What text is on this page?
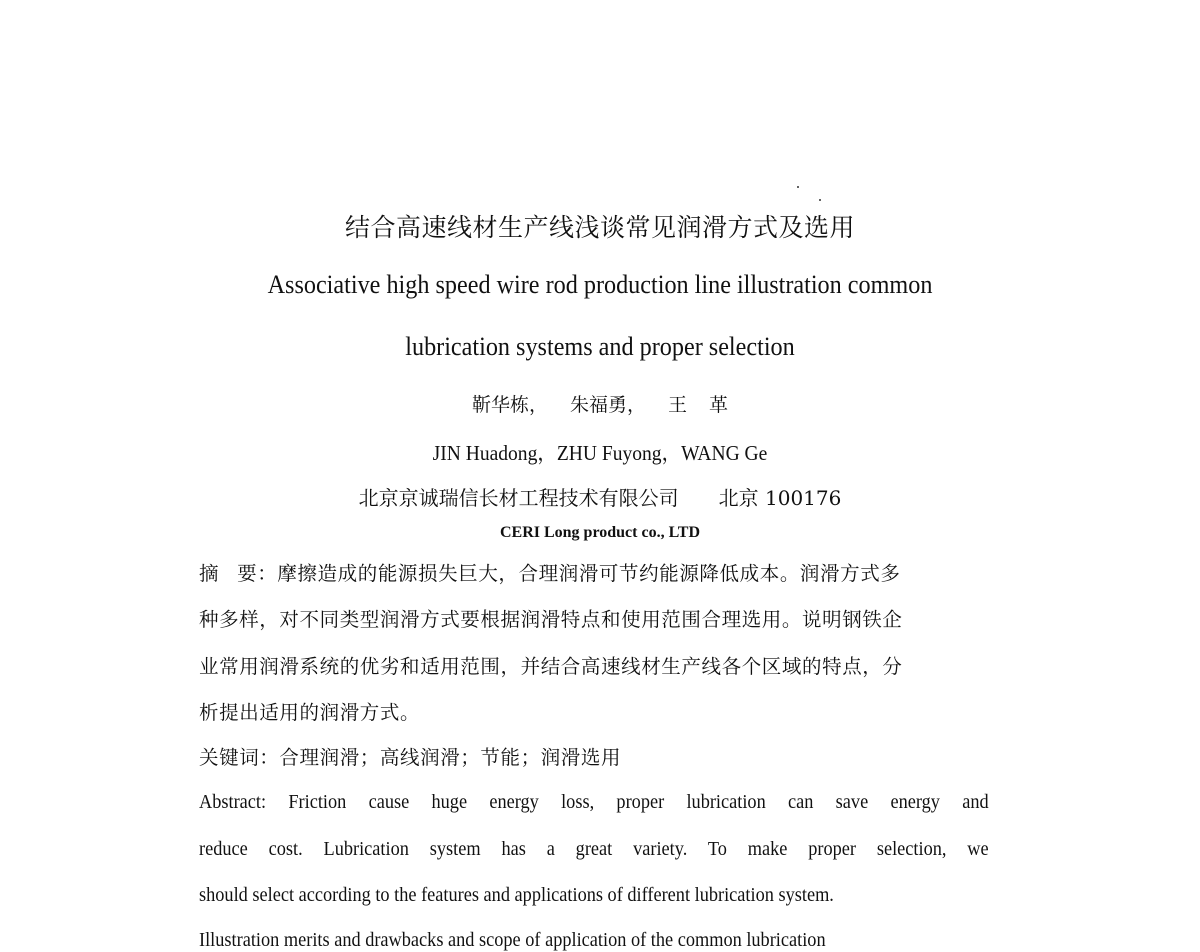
结合高速线材生产线浅谈常见润滑方式及选用
Associative high speed wire rod production line illustration common
lubrication systems and proper selection
靳华栋， 朱福勇， 王 革
JIN Huadong，ZHU Fuyong，WANG Ge
北京京诚瑞信长材工程技术有限公司 北京 100176
CERI Long product co., LTD
摘 要：摩擦造成的能源损失巨大，合理润滑可节约能源降低成本。润滑方式多
种多样，对不同类型润滑方式要根据润滑特点和使用范围合理选用。说明钢铁企
业常用润滑系统的优劣和适用范围，并结合高速线材生产线各个区域的特点，分
析提出适用的润滑方式。
关键词：合理润滑；高线润滑；节能；润滑选用
Abstract: Friction cause huge energy loss, proper lubrication can save energy and
reduce cost. Lubrication system has a great variety. To make proper selection, we
should select according to the features and applications of different lubrication system.
Illustration merits and drawbacks and scope of application of the common lubrication
